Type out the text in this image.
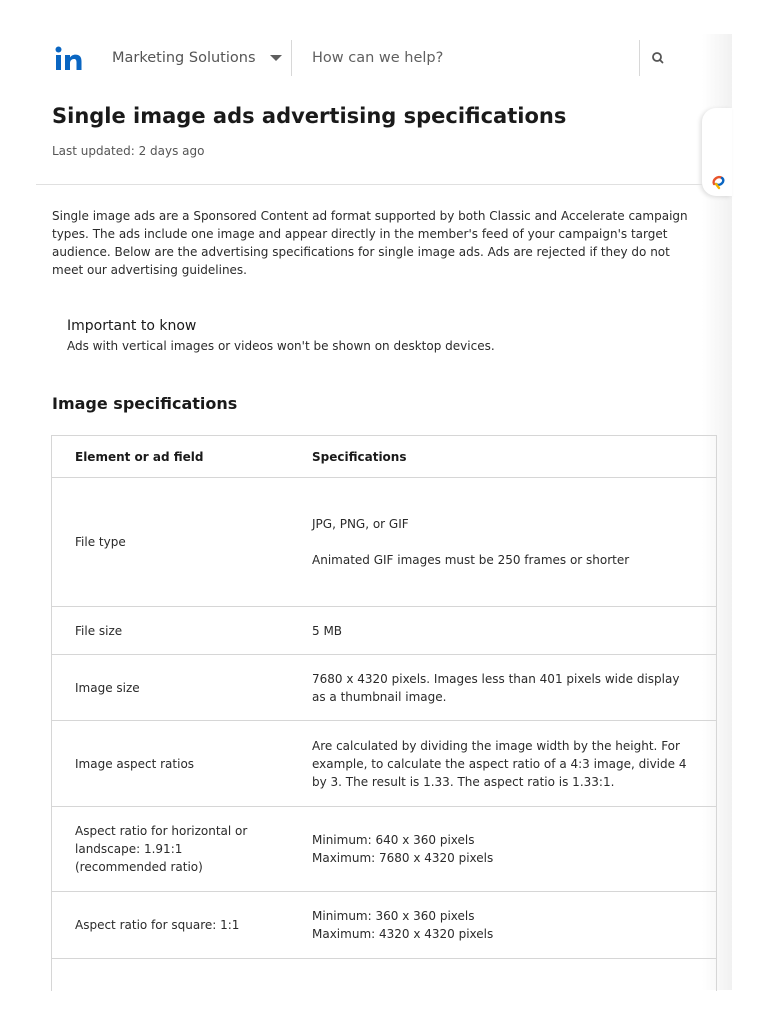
Marketing Solutions
How can we help?
Single image ads advertising specifications
Last updated: 2 days ago

Single image ads are a Sponsored Content ad format supported by both Classic and Accelerate campaign types. The ads include one image and appear directly in the member's feed of your campaign's target audience. Below are the advertising specifications for single image ads. Ads are rejected if they do not meet our advertising guidelines.

Important to know
Ads with vertical images or videos won't be shown on desktop devices.
Image specifications
Element or ad field	Specifications
File type	JPG, PNG, or GIF
Animated GIF images must be 250 frames or shorter

File size	5 MB

Image size	7680 x 4320 pixels. Images less than 401 pixels wide display as a thumbnail image.

Image aspect ratios	Are calculated by dividing the image width by the height. For example, to calculate the aspect ratio of a 4:3 image, divide 4 by 3. The result is 1.33. The aspect ratio is 1.33:1.

Aspect ratio for horizontal or landscape: 1.91:1 (recommended ratio)	Minimum: 640 x 360 pixels
Maximum: 7680 x 4320 pixels

Aspect ratio for square: 1:1	Minimum: 360 x 360 pixels
Maximum: 4320 x 4320 pixels
